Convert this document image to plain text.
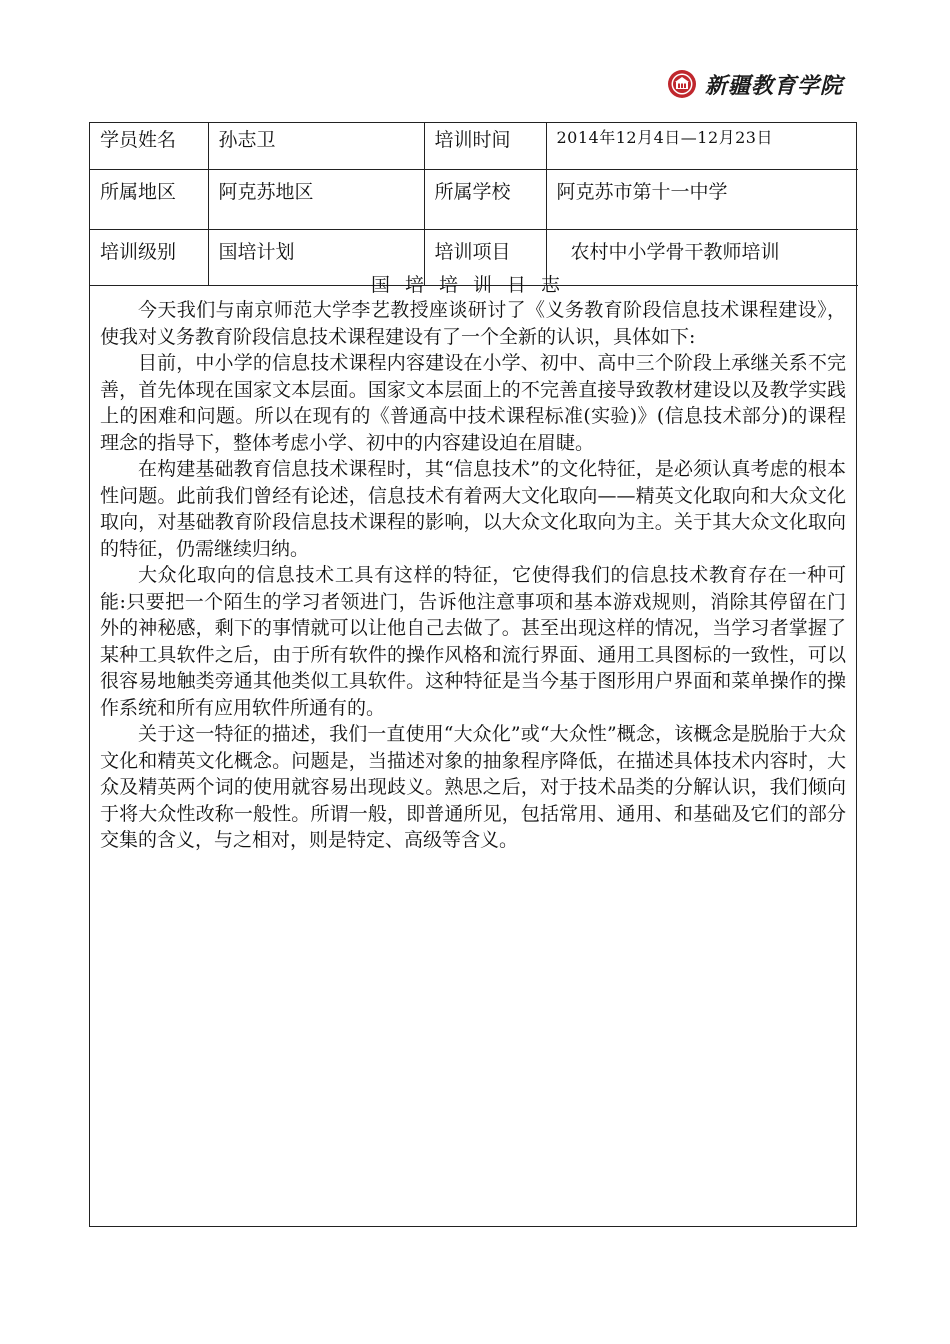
新疆教育学院
学员姓名	孙志卫	培训时间	2014年12月4日—12月23日
所属地区	阿克苏地区	所属学校	阿克苏市第十一中学
培训级别	国培计划	培训项目	农村中小学骨干教师培训
国培培训日志

今天我们与南京师范大学李艺教授座谈研讨了《义务教育阶段信息技术课程建设》，使我对义务教育阶段信息技术课程建设有了一个全新的认识，具体如下:

目前，中小学的信息技术课程内容建设在小学、初中、高中三个阶段上承继关系不完善，首先体现在国家文本层面。国家文本层面上的不完善直接导致教材建设以及教学实践上的困难和问题。所以在现有的《普通高中技术课程标准(实验)》(信息技术部分)的课程理念的指导下，整体考虑小学、初中的内容建设迫在眉睫。

在构建基础教育信息技术课程时，其“信息技术”的文化特征，是必须认真考虑的根本性问题。此前我们曾经有论述，信息技术有着两大文化取向——精英文化取向和大众文化取向，对基础教育阶段信息技术课程的影响，以大众文化取向为主。关于其大众文化取向的特征，仍需继续归纳。

大众化取向的信息技术工具有这样的特征，它使得我们的信息技术教育存在一种可能:只要把一个陌生的学习者领进门，告诉他注意事项和基本游戏规则，消除其停留在门外的神秘感，剩下的事情就可以让他自己去做了。甚至出现这样的情况，当学习者掌握了某种工具软件之后，由于所有软件的操作风格和流行界面、通用工具图标的一致性，可以很容易地触类旁通其他类似工具软件。这种特征是当今基于图形用户界面和菜单操作的操作系统和所有应用软件所通有的。

关于这一特征的描述，我们一直使用“大众化”或“大众性”概念，该概念是脱胎于大众文化和精英文化概念。问题是，当描述对象的抽象程序降低，在描述具体技术内容时，大众及精英两个词的使用就容易出现歧义。熟思之后，对于技术品类的分解认识，我们倾向于将大众性改称一般性。所谓一般，即普通所见，包括常用、通用、和基础及它们的部分交集的含义，与之相对，则是特定、高级等含义。
